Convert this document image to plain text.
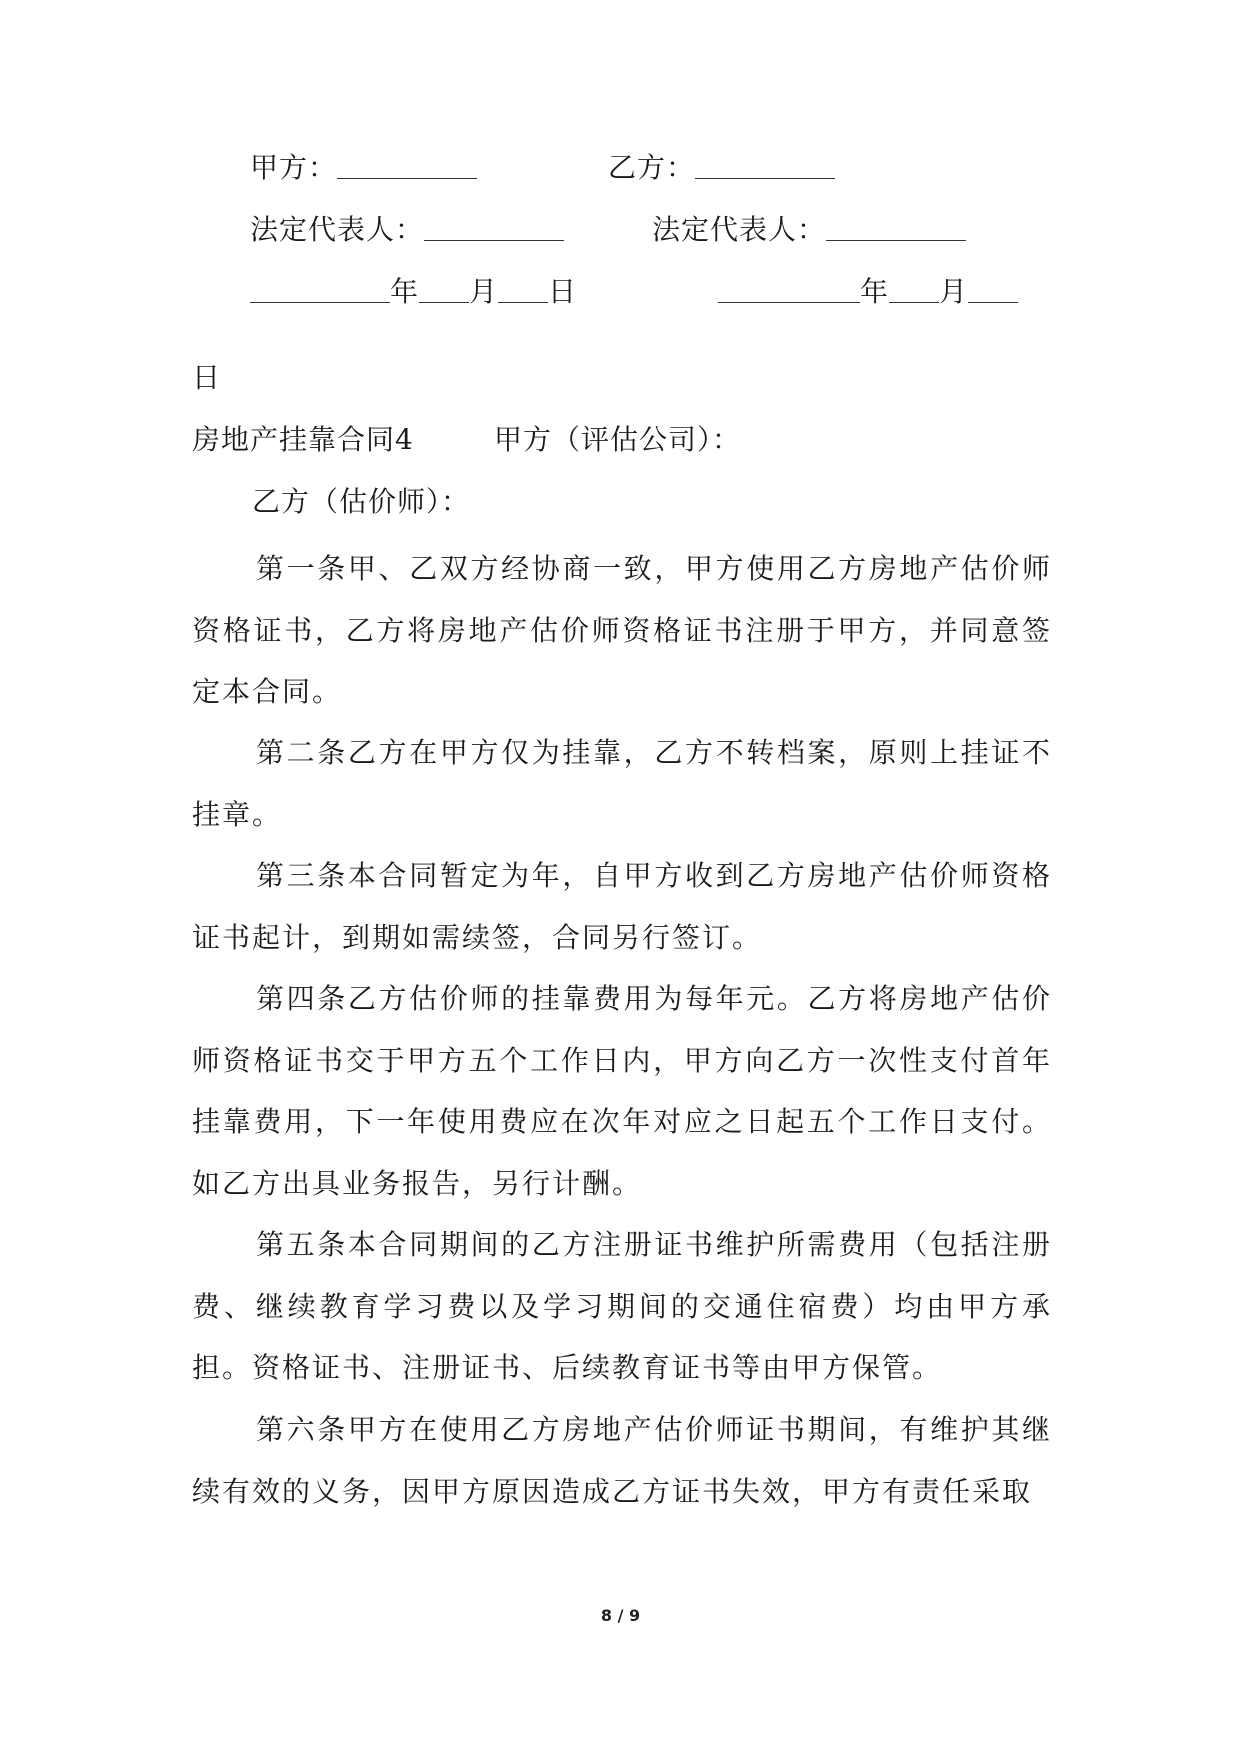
甲方：	乙方：
法定代表人：	法定代表人：
年 月 日	年 月
日
房地产挂靠合同4	甲方（评估公司）：
乙方（估价师）：

第一条甲、乙双方经协商一致，甲方使用乙方房地产估价师资格证书，乙方将房地产估价师资格证书注册于甲方，并同意签定本合同。

第二条乙方在甲方仅为挂靠，乙方不转档案，原则上挂证不挂章。

第三条本合同暂定为年，自甲方收到乙方房地产估价师资格证书起计，到期如需续签，合同另行签订。

第四条乙方估价师的挂靠费用为每年元。乙方将房地产估价师资格证书交于甲方五个工作日内，甲方向乙方一次性支付首年挂靠费用，下一年使用费应在次年对应之日起五个工作日支付。如乙方出具业务报告，另行计酬。

第五条本合同期间的乙方注册证书维护所需费用（包括注册费、继续教育学习费以及学习期间的交通住宿费）均由甲方承担。资格证书、注册证书、后续教育证书等由甲方保管。

第六条甲方在使用乙方房地产估价师证书期间，有维护其继续有效的义务，因甲方原因造成乙方证书失效，甲方有责任采取

8 / 9
